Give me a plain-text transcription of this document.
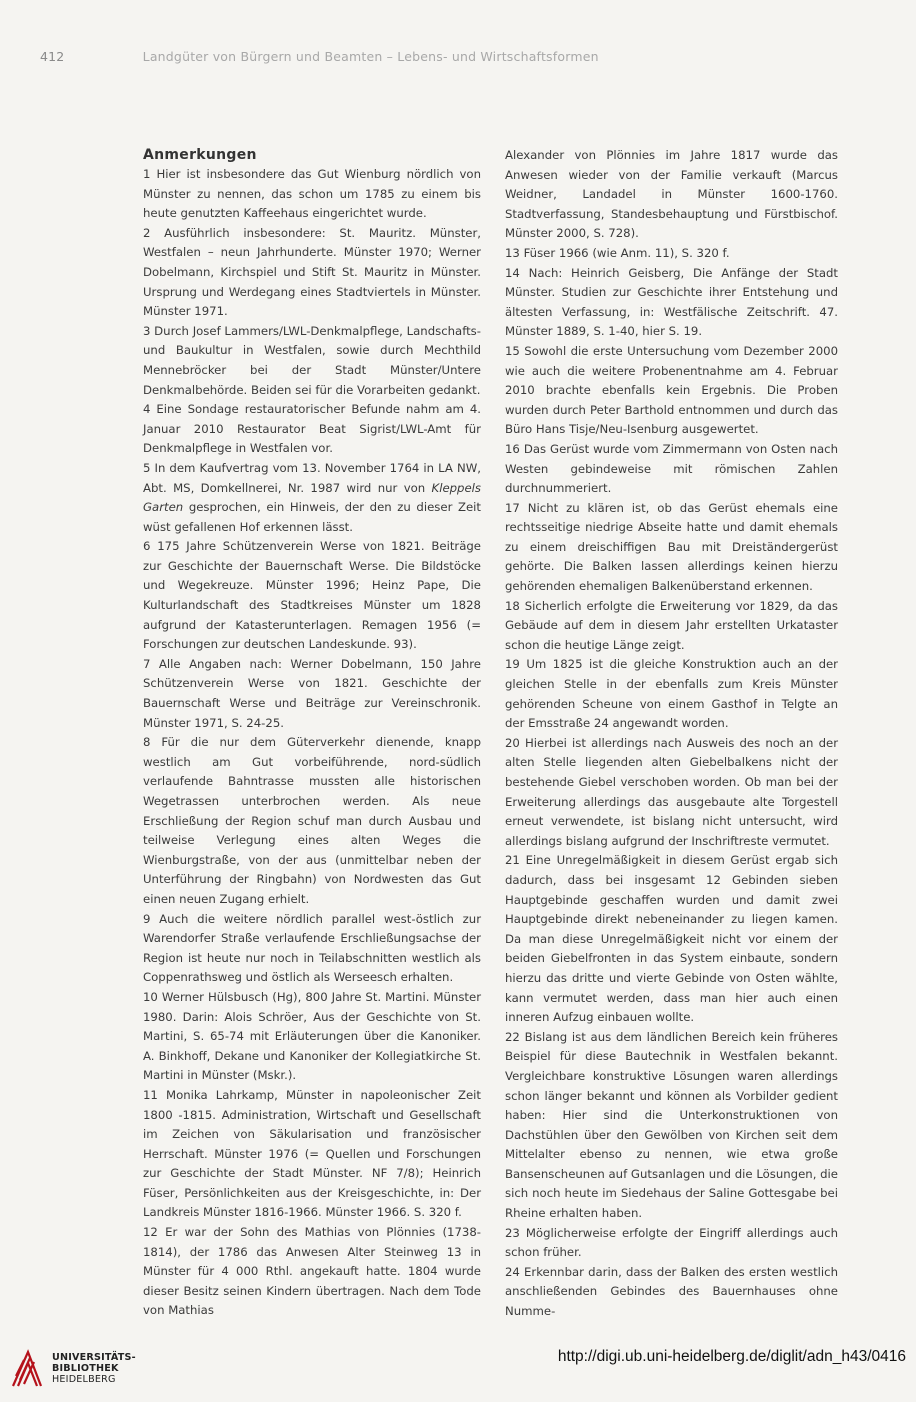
412	Landgüter von Bürgern und Beamten – Lebens- und Wirtschaftsformen
Anmerkungen

1 Hier ist insbesondere das Gut Wienburg nördlich von Münster zu nennen, das schon um 1785 zu einem bis heute genutzten Kaffeehaus eingerichtet wurde.

2 Ausführlich insbesondere: St. Mauritz. Münster, Westfalen – neun Jahrhunderte. Münster 1970; Werner Dobelmann, Kirchspiel und Stift St. Mauritz in Münster. Ursprung und Werdegang eines Stadtviertels in Münster. Münster 1971.

3 Durch Josef Lammers/LWL-Denkmalpflege, Landschafts- und Baukultur in Westfalen, sowie durch Mechthild Mennebröcker bei der Stadt Münster/Untere Denkmalbehörde. Beiden sei für die Vorarbeiten gedankt.

4 Eine Sondage restauratorischer Befunde nahm am 4. Januar 2010 Restaurator Beat Sigrist/LWL-Amt für Denkmalpflege in Westfalen vor.

5 In dem Kaufvertrag vom 13. November 1764 in LA NW, Abt. MS, Domkellnerei, Nr. 1987 wird nur von Kleppels Garten gesprochen, ein Hinweis, der den zu dieser Zeit wüst gefallenen Hof erkennen lässt.

6 175 Jahre Schützenverein Werse von 1821. Beiträge zur Geschichte der Bauernschaft Werse. Die Bildstöcke und Wegekreuze. Münster 1996; Heinz Pape, Die Kulturlandschaft des Stadtkreises Münster um 1828 aufgrund der Katasterunterlagen. Remagen 1956 (= Forschungen zur deutschen Landeskunde. 93).

7 Alle Angaben nach: Werner Dobelmann, 150 Jahre Schützenverein Werse von 1821. Geschichte der Bauernschaft Werse und Beiträge zur Vereinschronik. Münster 1971, S. 24-25.

8 Für die nur dem Güterverkehr dienende, knapp westlich am Gut vorbeiführende, nord-südlich verlaufende Bahntrasse mussten alle historischen Wegetrassen unterbrochen werden. Als neue Erschließung der Region schuf man durch Ausbau und teilweise Verlegung eines alten Weges die Wienburgstraße, von der aus (unmittelbar neben der Unterführung der Ringbahn) von Nordwesten das Gut einen neuen Zugang erhielt.

9 Auch die weitere nördlich parallel west-östlich zur Warendorfer Straße verlaufende Erschließungsachse der Region ist heute nur noch in Teilabschnitten westlich als Coppenrathsweg und östlich als Werseesch erhalten.

10 Werner Hülsbusch (Hg), 800 Jahre St. Martini. Münster 1980. Darin: Alois Schröer, Aus der Geschichte von St. Martini, S. 65-74 mit Erläuterungen über die Kanoniker. A. Binkhoff, Dekane und Kanoniker der Kollegiatkirche St. Martini in Münster (Mskr.).

11 Monika Lahrkamp, Münster in napoleonischer Zeit 1800 -1815. Administration, Wirtschaft und Gesellschaft im Zeichen von Säkularisation und französischer Herrschaft. Münster 1976 (= Quellen und Forschungen zur Geschichte der Stadt Münster. NF 7/8); Heinrich Füser, Persönlichkeiten aus der Kreisgeschichte, in: Der Landkreis Münster 1816-1966. Münster 1966. S. 320 f.

12 Er war der Sohn des Mathias von Plönnies (1738-1814), der 1786 das Anwesen Alter Steinweg 13 in Münster für 4 000 Rthl. angekauft hatte. 1804 wurde dieser Besitz seinen Kindern übertragen. Nach dem Tode von Mathias

Alexander von Plönnies im Jahre 1817 wurde das Anwesen wieder von der Familie verkauft (Marcus Weidner, Landadel in Münster 1600-1760. Stadtverfassung, Standesbehauptung und Fürstbischof. Münster 2000, S. 728).

13 Füser 1966 (wie Anm. 11), S. 320 f.

14 Nach: Heinrich Geisberg, Die Anfänge der Stadt Münster. Studien zur Geschichte ihrer Entstehung und ältesten Verfassung, in: Westfälische Zeitschrift. 47. Münster 1889, S. 1-40, hier S. 19.

15 Sowohl die erste Untersuchung vom Dezember 2000 wie auch die weitere Probenentnahme am 4. Februar 2010 brachte ebenfalls kein Ergebnis. Die Proben wurden durch Peter Barthold entnommen und durch das Büro Hans Tisje/Neu-Isenburg ausgewertet.

16 Das Gerüst wurde vom Zimmermann von Osten nach Westen gebindeweise mit römischen Zahlen durchnummeriert.

17 Nicht zu klären ist, ob das Gerüst ehemals eine rechtsseitige niedrige Abseite hatte und damit ehemals zu einem dreischiffigen Bau mit Dreiständergerüst gehörte. Die Balken lassen allerdings keinen hierzu gehörenden ehemaligen Balkenüberstand erkennen.

18 Sicherlich erfolgte die Erweiterung vor 1829, da das Gebäude auf dem in diesem Jahr erstellten Urkataster schon die heutige Länge zeigt.

19 Um 1825 ist die gleiche Konstruktion auch an der gleichen Stelle in der ebenfalls zum Kreis Münster gehörenden Scheune von einem Gasthof in Telgte an der Emsstraße 24 angewandt worden.

20 Hierbei ist allerdings nach Ausweis des noch an der alten Stelle liegenden alten Giebelbalkens nicht der bestehende Giebel verschoben worden. Ob man bei der Erweiterung allerdings das ausgebaute alte Torgestell erneut verwendete, ist bislang nicht untersucht, wird allerdings bislang aufgrund der Inschriftreste vermutet.

21 Eine Unregelmäßigkeit in diesem Gerüst ergab sich dadurch, dass bei insgesamt 12 Gebinden sieben Hauptgebinde geschaffen wurden und damit zwei Hauptgebinde direkt nebeneinander zu liegen kamen. Da man diese Unregelmäßigkeit nicht vor einem der beiden Giebelfronten in das System einbaute, sondern hierzu das dritte und vierte Gebinde von Osten wählte, kann vermutet werden, dass man hier auch einen inneren Aufzug einbauen wollte.

22 Bislang ist aus dem ländlichen Bereich kein früheres Beispiel für diese Bautechnik in Westfalen bekannt. Vergleichbare konstruktive Lösungen waren allerdings schon länger bekannt und können als Vorbilder gedient haben: Hier sind die Unterkonstruktionen von Dachstühlen über den Gewölben von Kirchen seit dem Mittelalter ebenso zu nennen, wie etwa große Bansenscheunen auf Gutsanlagen und die Lösungen, die sich noch heute im Siedehaus der Saline Gottesgabe bei Rheine erhalten haben.

23 Möglicherweise erfolgte der Eingriff allerdings auch schon früher.

24 Erkennbar darin, dass der Balken des ersten westlich anschließenden Gebindes des Bauernhauses ohne Numme-

UNIVERSITÄTS-
BIBLIOTHEK
HEIDELBERG
http://digi.ub.uni-heidelberg.de/diglit/adn_h43/0416
